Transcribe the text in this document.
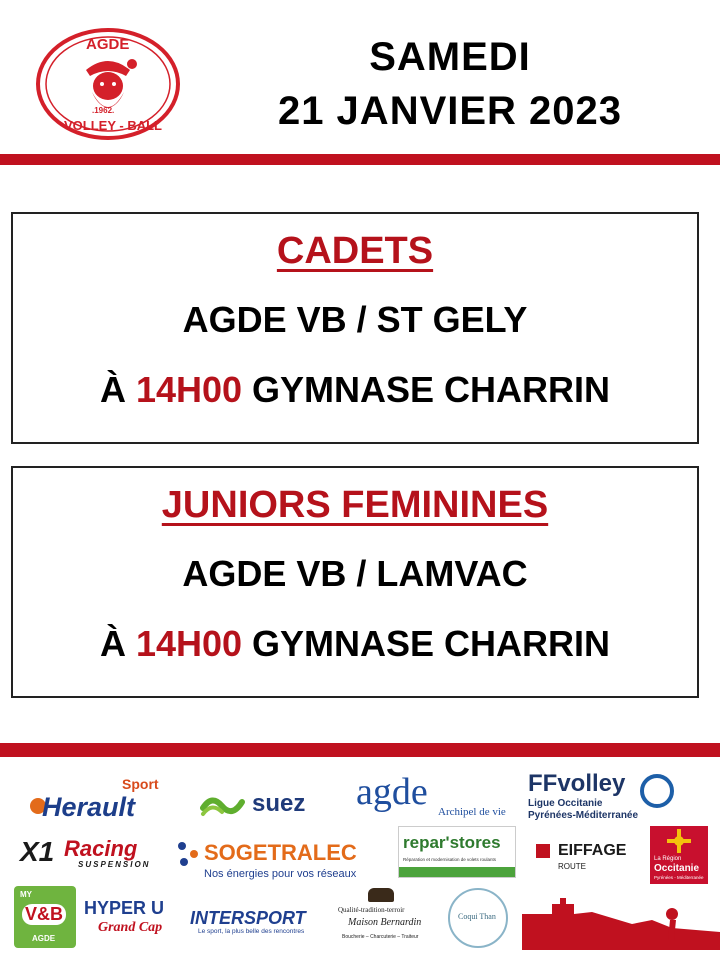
AGDE
.1962.
VOLLEY - BALL
SAMEDI
21 JANVIER 2023
CADETS
AGDE VB / ST GELY
À 14H00 GYMNASE CHARRIN
JUNIORS FEMININES
AGDE VB / LAMVAC
À 14H00 GYMNASE CHARRIN
Sport
Herault	suez agde Archipel de vie
FFvolley
Ligue Occitanie
Pyrénées-Méditerranée
X1 Racing
SUSPENSION SOGETRALEC
Nos énergies pour vos réseaux
repar'stores
Réparation et modernisation de volets roulants
EIFFAGE
ROUTE
La Région
Occitanie
Pyrénées - Méditerranée
MY
V&B
AGDE
HYPER U
Grand Cap INTERSPORT
Le sport, la plus belle des rencontres
Qualité-tradition-terroir
Maison Bernardin
Boucherie – Charcuterie – Traiteur
Coqui Than
